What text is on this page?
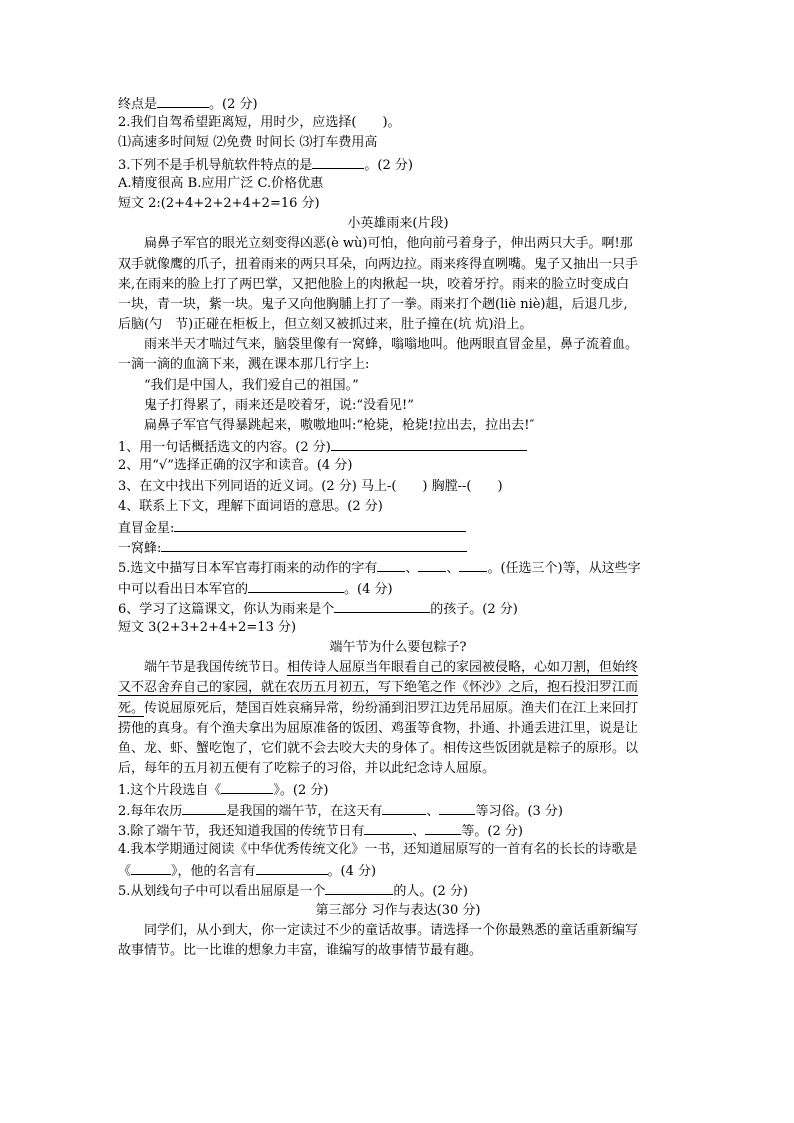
终点是	。(2 分)
2.我们自驾希望距离短，用时少，应选择(　　)。
⑴高速多时间短 ⑵免费 时间长 ⑶打车费用高
3.下列不是手机导航软件特点的是	。(2 分)
A.精度很高 B.应用广泛 C.价格优惠
短文 2:(2+4+2+2+4+2=16 分)
小英雄雨来(片段)
扁鼻子军官的眼光立刻变得凶恶(è wù)可怕，他向前弓着身子，伸出两只大手。啊!那
双手就像鹰的爪子，扭着雨来的两只耳朵，向两边拉。雨来疼得直咧嘴。鬼子又抽出一只手
来,在雨来的脸上打了两巴掌，又把他脸上的肉揪起一块，咬着牙拧。雨来的脸立时变成白
一块，青一块，紫一块。鬼子又向他胸脯上打了一拳。雨来打个趔(liè niè)趄，后退几步,
后脑(勺　节)正碰在柜板上，但立刻又被抓过来，肚子撞在(坑 炕)沿上。
雨来半天才喘过气来，脑袋里像有一窝蜂，嗡嗡地叫。他两眼直冒金星，鼻子流着血。
一滴一滴的血滴下来，溅在课本那几行字上:
“我们是中国人，我们爱自己的祖国。”
鬼子打得累了，雨来还是咬着牙，说:“没看见!”
扁鼻子军官气得暴跳起来，嗷嗷地叫:“枪毙，枪毙!拉出去，拉出去!″
1、用一句话概括选文的内容。(2 分)
2、用“√”选择正确的汉字和读音。(4 分)
3、在文中找出下列同语的近义词。(2 分) 马上-(　　) 胸膛--(　　)
4、联系上下文，理解下面词语的意思。(2 分)
直冒金星:
一窝蜂:
5.选文中描写日本军官毒打雨来的动作的字有 、 、 。(任选三个)等，从这些字
中可以看出日本军官的	。(4 分)
6、学习了这篇课文，你认为雨来是个	的孩子。(2 分)
短文 3(2+3+2+4+2=13 分)
端午节为什么要包粽子?
端午节是我国传统节日。相传诗人屈原当年眼看自己的家园被侵略，心如刀割，但始终
又不忍舍弃自己的家园，就在农历五月初五，写下绝笔之作《怀沙》之后，抱石投汨罗江而
死。传说屈原死后，楚国百姓哀痛异常，纷纷涌到汨罗江边凭吊屈原。渔夫们在江上来回打
捞他的真身。有个渔夫拿出为屈原准备的饭团、鸡蛋等食物，扑通、扑通丢进江里，说是让
鱼、龙、虾、蟹吃饱了，它们就不会去咬大夫的身体了。相传这些饭团就是粽子的原形。以
后，每年的五月初五便有了吃粽子的习俗，并以此纪念诗人屈原。
1.这个片段选自《	》。(2 分)
2.每年农历	是我国的端午节，在这天有	、	等习俗。(3 分)
3.除了端午节，我还知道我国的传统节日有	、	等。(2 分)
4.我本学期通过阅读《中华优秀传统文化》一书，还知道屈原写的一首有名的长长的诗歌是
《	》，他的名言有	。(4 分)
5.从划线句子中可以看出屈原是一个	的人。(2 分)
第三部分 习作与表达(30 分)
同学们，从小到大，你一定读过不少的童话故事。请选择一个你最熟悉的童话重新编写
故事情节。比一比谁的想象力丰富，谁编写的故事情节最有趣。
